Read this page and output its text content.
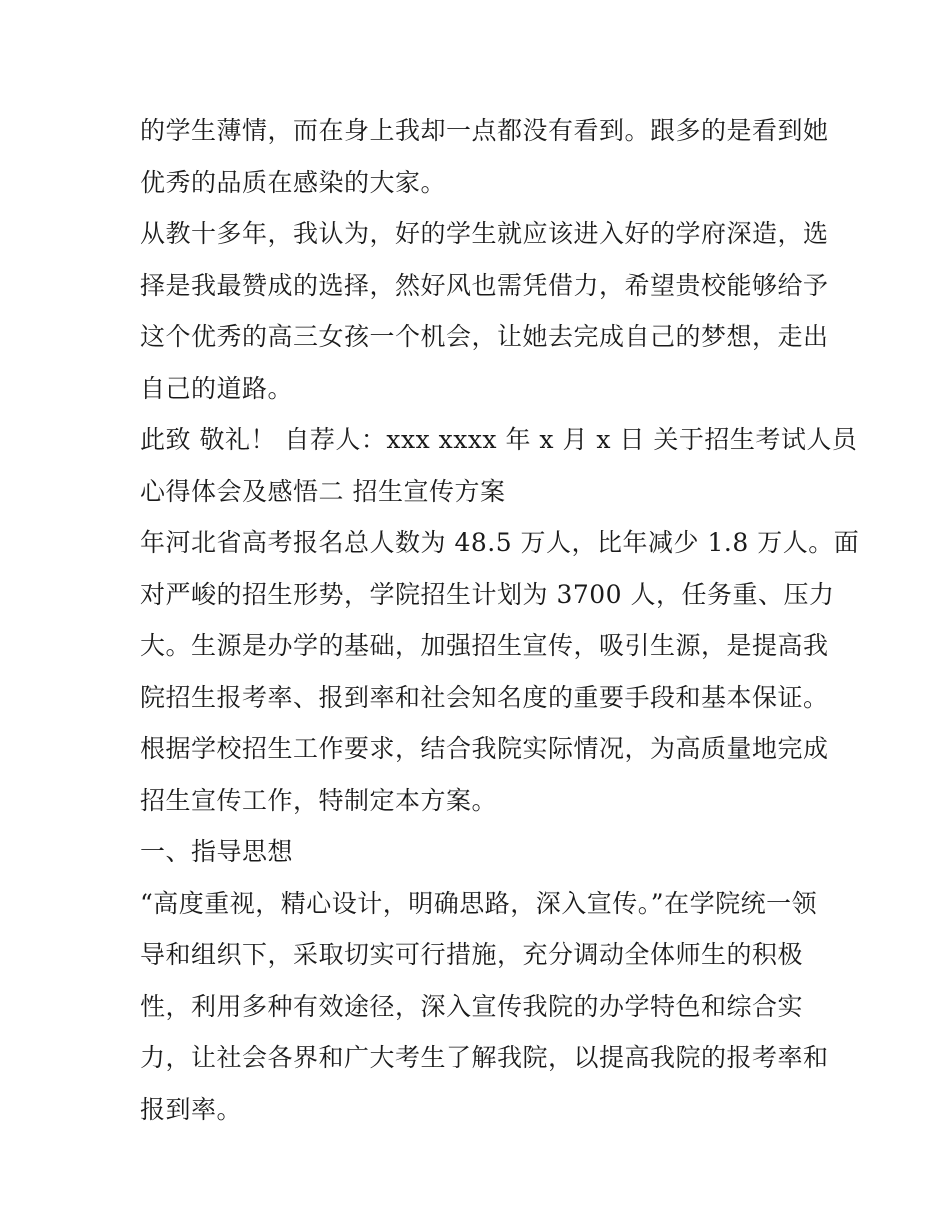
的学生薄情，而在身上我却一点都没有看到。跟多的是看到她
优秀的品质在感染的大家。
从教十多年，我认为，好的学生就应该进入好的学府深造，选
择是我最赞成的选择，然好风也需凭借力，希望贵校能够给予
这个优秀的高三女孩一个机会，让她去完成自己的梦想，走出
自己的道路。
此致 敬礼！ 自荐人：xxx xxxx 年 x 月 x 日 关于招生考试人员
心得体会及感悟二 招生宣传方案
年河北省高考报名总人数为 48.5 万人，比年减少 1.8 万人。面
对严峻的招生形势，学院招生计划为 3700 人，任务重、压力
大。生源是办学的基础，加强招生宣传，吸引生源，是提高我
院招生报考率、报到率和社会知名度的重要手段和基本保证。
根据学校招生工作要求，结合我院实际情况，为高质量地完成
招生宣传工作，特制定本方案。
一、指导思想
“高度重视，精心设计，明确思路，深入宣传。”在学院统一领
导和组织下，采取切实可行措施，充分调动全体师生的积极
性，利用多种有效途径，深入宣传我院的办学特色和综合实
力，让社会各界和广大考生了解我院，以提高我院的报考率和
报到率。
